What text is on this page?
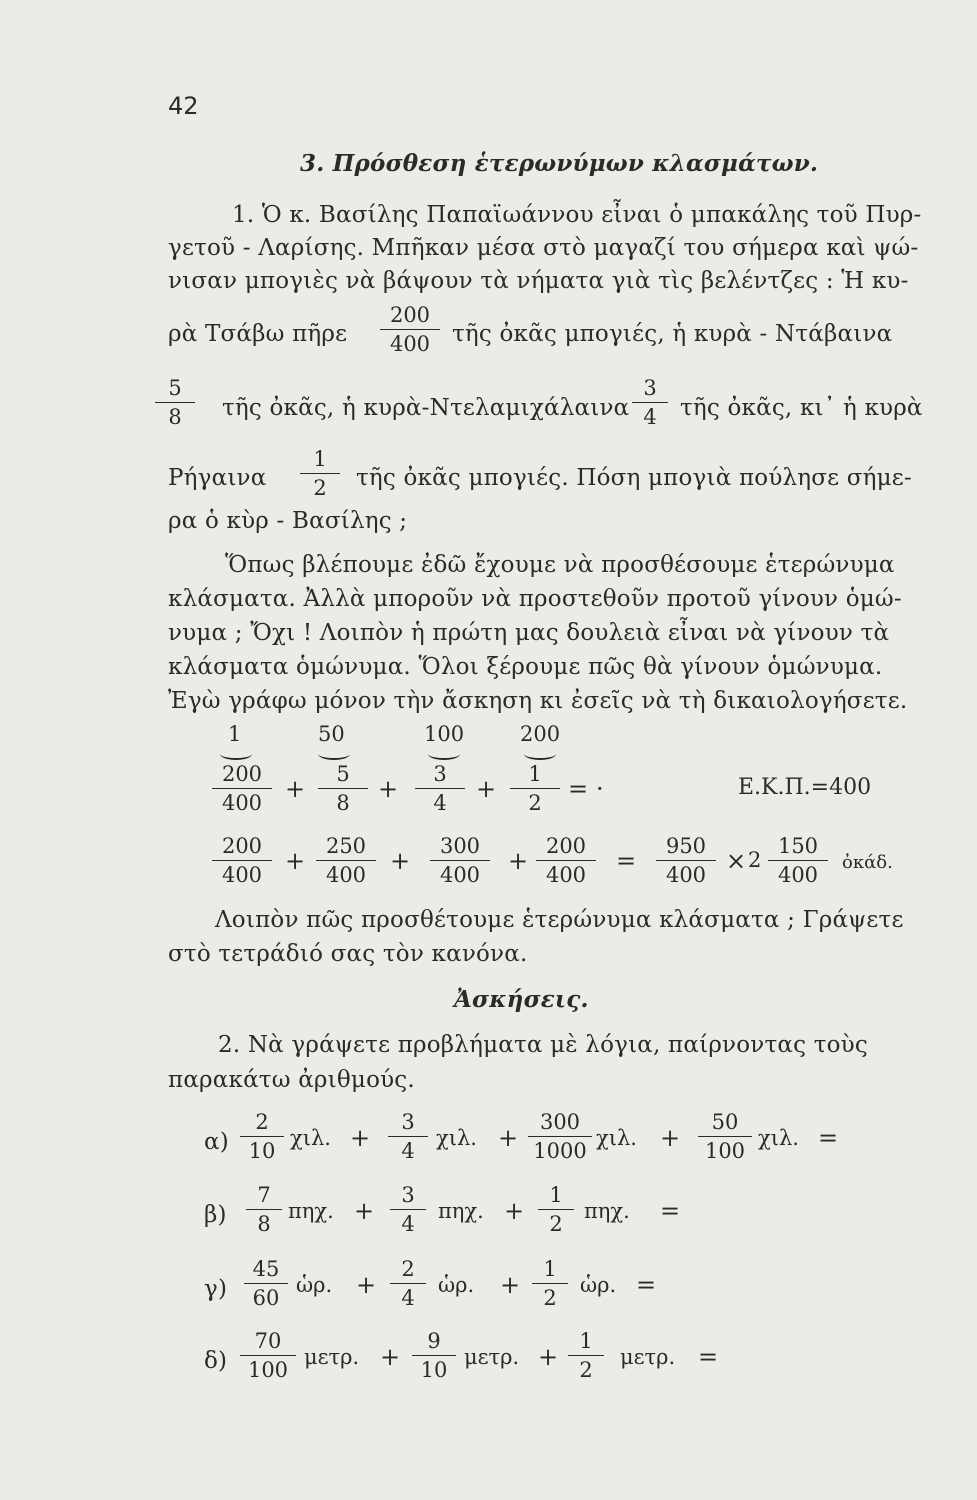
42
3. Πρόσθεση ἑτερωνύμων κλασμάτων.
1. Ὁ κ. Βασίλης Παπαϊωάννου εἶναι ὁ μπακάλης τοῦ Πυρ-
γετοῦ - Λαρίσης. Μπῆκαν μέσα στὸ μαγαζί του σήμερα καὶ ψώ-
νισαν μπογιὲς νὰ βάψουν τὰ νήματα γιὰ τὶς βελέντζες : Ἡ κυ-
ρὰ Τσάβω πῆρε
200
400 τῆς ὀκᾶς μπογιές, ἡ κυρὰ - Ντάβαινα
5
8	τῆς ὀκᾶς, ἡ κυρὰ-Ντελαμιχάλαινα
3
4	τῆς ὀκᾶς, κι᾽ ἡ κυρὰ
Ρήγαινα
1
2	τῆς ὀκᾶς μπογιές. Πόση μπογιὰ πούλησε σήμε-
ρα ὁ κὺρ - Βασίλης ;
Ὅπως βλέπουμε ἐδῶ ἔχουμε νὰ προσθέσουμε ἑτερώνυμα
κλάσματα. Ἀλλὰ μποροῦν νὰ προστεθοῦν προτοῦ γίνουν ὁμώ-
νυμα ; Ὄχι ! Λοιπὸν ἡ πρώτη μας δουλειὰ εἶναι νὰ γίνουν τὰ
κλάσματα ὁμώνυμα. Ὅλοι ξέρουμε πῶς θὰ γίνουν ὁμώνυμα.
Ἐγὼ γράφω μόνον τὴν ἄσκηση κι ἐσεῖς νὰ τὴ δικαιολογήσετε.
1	50	100	200
200
400 +
5
8	+
3
4	+
1
2	= ·	Ε.Κ.Π.=400
200
400 +
250
400 +
300
400	+
200
400	=
950
400 × 2
150
400
ὀκάδ.
Λοιπὸν πῶς προσθέτουμε ἑτερώνυμα κλάσματα ; Γράψετε
στὸ τετράδιό σας τὸν κανόνα.
Ἀσκήσεις.
2. Νὰ γράψετε προβλήματα μὲ λόγια, παίρνοντας τοὺς
παρακάτω ἀριθμούς.
α)
2
10
χιλ. +
3
4
χιλ. +
300
1000
χιλ. +
50
100
χιλ. =
β)
7
8
πηχ. +
3
4
πηχ. +
1
2
πηχ. =
γ)
45
60
ὡρ. +
2
4
ὡρ. +
1
2
ὡρ. =
δ)
70
100
μετρ. +
9
10
μετρ. +
1
2
μετρ. =
